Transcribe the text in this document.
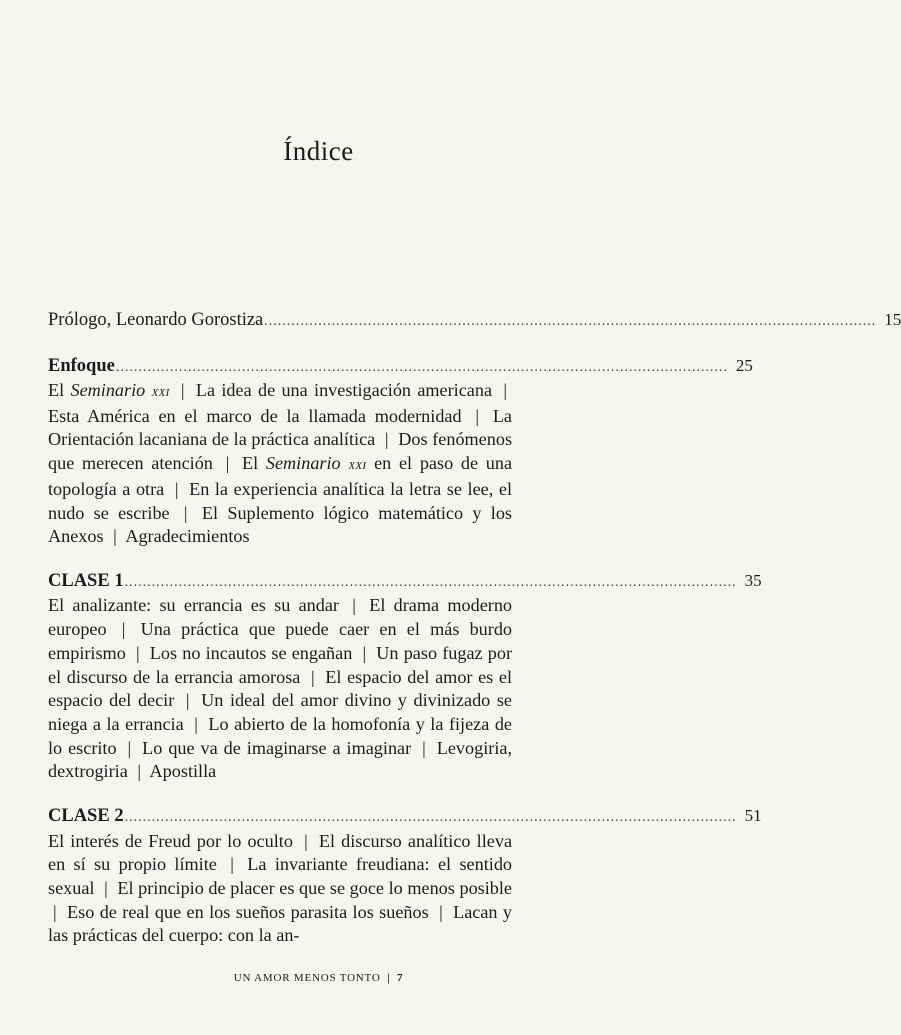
Índice
Prólogo, Leonardo Gorostiza ........................................................................................................................................ 15
Enfoque ........................................................................................................................................ 25
El Seminario xxi | La idea de una investigación americana | Esta América en el marco de la llamada modernidad | La Orientación lacaniana de la práctica analítica | Dos fenómenos que merecen atención | El Seminario xxi en el paso de una topología a otra | En la experiencia analítica la letra se lee, el nudo se escribe | El Suplemento lógico matemático y los Anexos | Agradecimientos
CLASE 1 ........................................................................................................................................ 35
El analizante: su errancia es su andar | El drama moderno europeo | Una práctica que puede caer en el más burdo empirismo | Los no incautos se engañan | Un paso fugaz por el discurso de la errancia amorosa | El espacio del amor es el espacio del decir | Un ideal del amor divino y divinizado se niega a la errancia | Lo abierto de la homofonía y la fijeza de lo escrito | Lo que va de imaginarse a imaginar | Levogiria, dextrogiria | Apostilla
CLASE 2 ........................................................................................................................................ 51
El interés de Freud por lo oculto | El discurso analítico lleva en sí su propio límite | La invariante freudiana: el sentido sexual | El principio de placer es que se goce lo menos posible | Eso de real que en los sueños parasita los sueños | Lacan y las prácticas del cuerpo: con la an-
UN AMOR MENOS TONTO | 7
